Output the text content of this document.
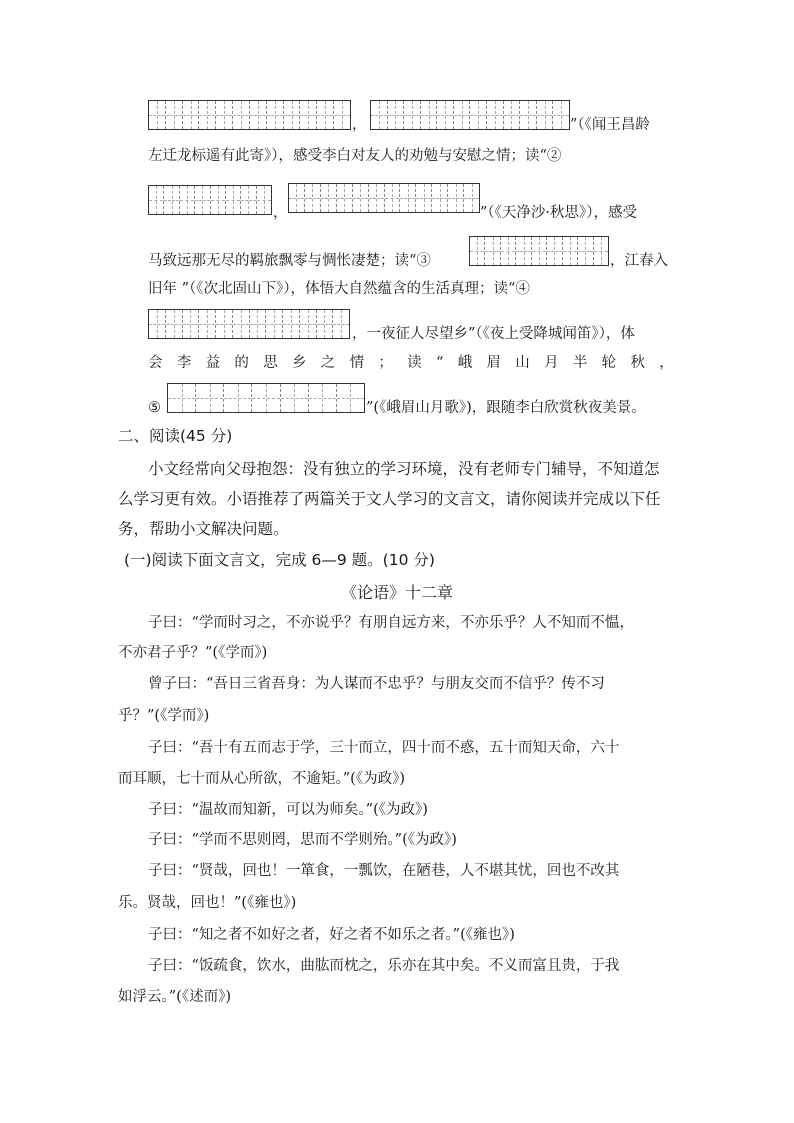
，	”（《闻王昌龄
左迁龙标遥有此寄》），感受李白对友人的劝勉与安慰之情；读“②
，	”（《天净沙·秋思》），感受
马致远那无尽的羁旅飘零与惆怅凄楚；读“③	，江春入
旧年 ”（《次北固山下》），体悟大自然蕴含的生活真理；读“④
，一夜征人尽望乡”（《夜上受降城闻笛》），体
会 李 益 的 思 乡 之 情 ； 读 “ 峨 眉 山 月 半 轮 秋 ，
⑤	”(《峨眉山月歌》)，跟随李白欣赏秋夜美景。
二、阅读(45 分)
小文经常向父母抱怨：没有独立的学习环境，没有老师专门辅导，不知道怎
么学习更有效。小语推荐了两篇关于文人学习的文言文，请你阅读并完成以下任
务，帮助小文解决问题。
(一)阅读下面文言文，完成 6—9 题。(10 分)
《论语》十二章
子曰：“学而时习之，不亦说乎？有朋自远方来，不亦乐乎？人不知而不愠，
不亦君子乎？”(《学而》)
曾子曰：“吾日三省吾身：为人谋而不忠乎？与朋友交而不信乎？传不习
乎？”(《学而》)
子曰：“吾十有五而志于学，三十而立，四十而不惑，五十而知天命，六十
而耳顺，七十而从心所欲，不逾矩。”(《为政》)
子曰：“温故而知新，可以为师矣。”(《为政》)
子曰：“学而不思则罔，思而不学则殆。”(《为政》)
子曰：“贤哉，回也！一箪食，一瓢饮，在陋巷，人不堪其忧，回也不改其
乐。贤哉，回也！”(《雍也》)
子曰：“知之者不如好之者，好之者不如乐之者。”(《雍也》)
子曰：“饭疏食，饮水，曲肱而枕之，乐亦在其中矣。不义而富且贵，于我
如浮云。”(《述而》)
